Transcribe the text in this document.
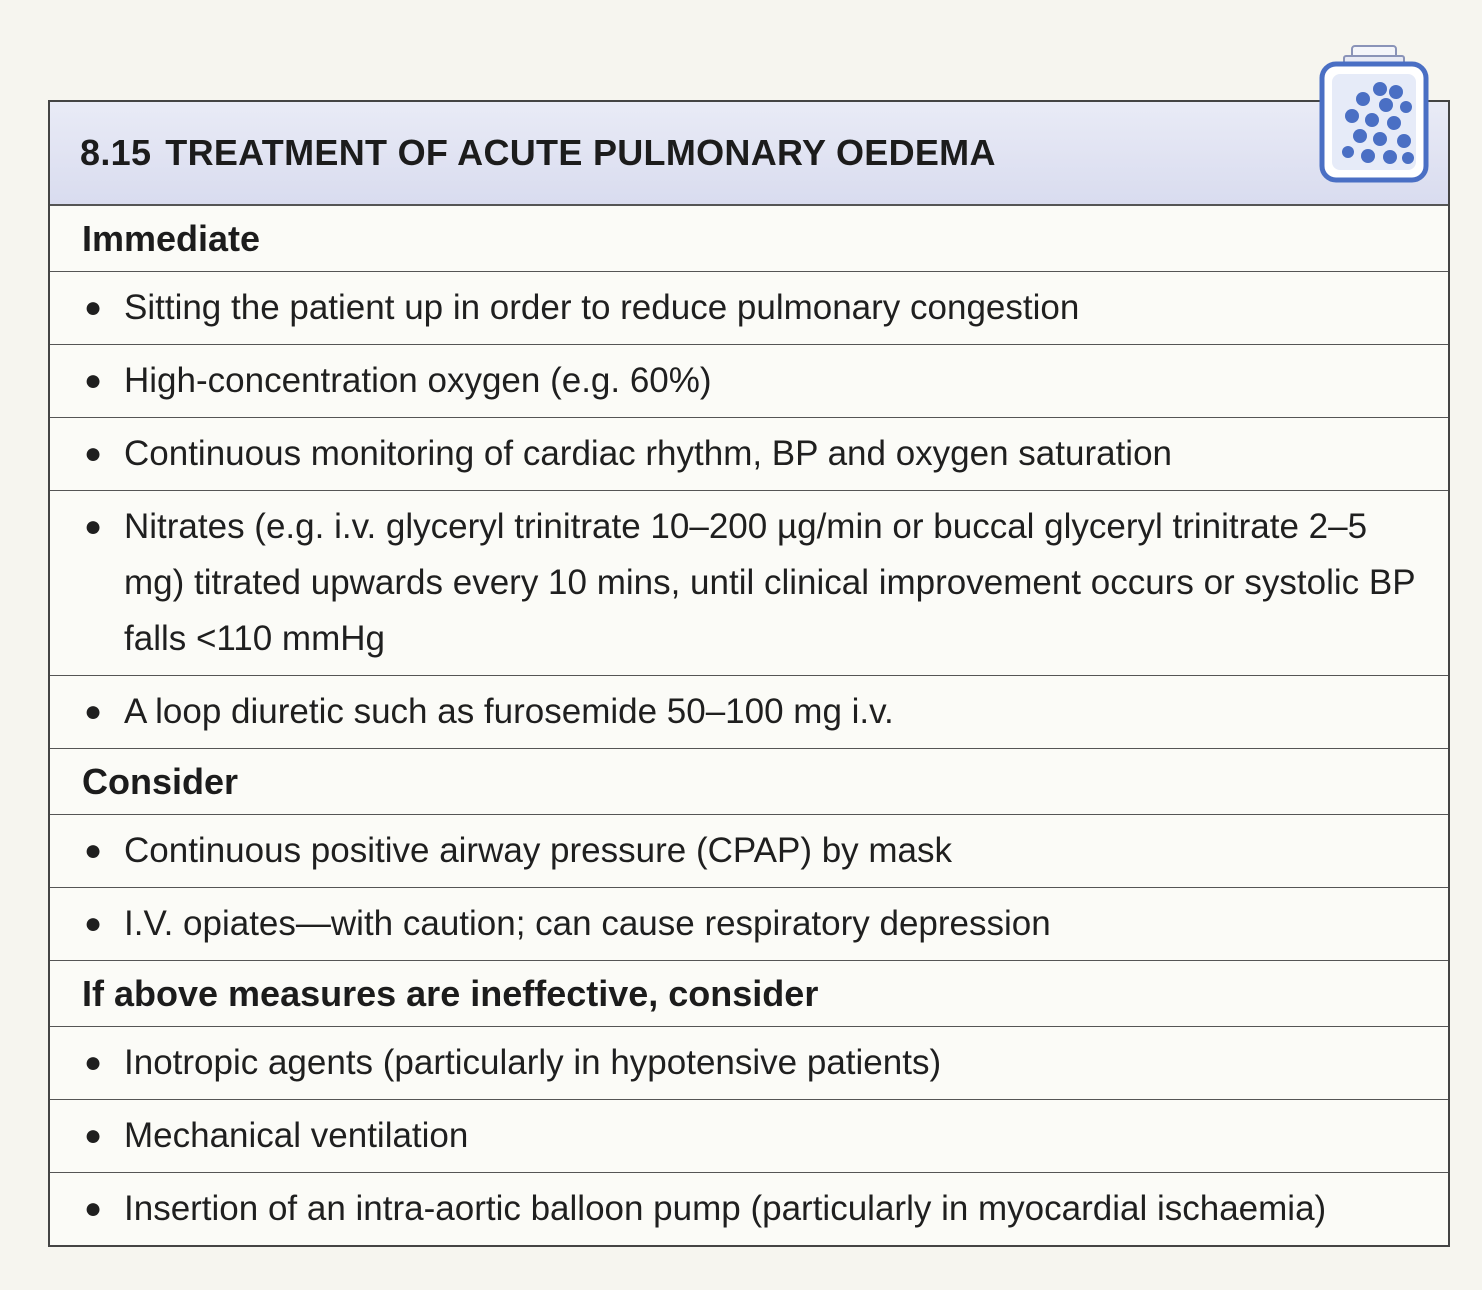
8.15 TREATMENT OF ACUTE PULMONARY OEDEMA
Immediate
● Sitting the patient up in order to reduce pulmonary congestion
● High-concentration oxygen (e.g. 60%)
● Continuous monitoring of cardiac rhythm, BP and oxygen saturation
● Nitrates (e.g. i.v. glyceryl trinitrate 10–200 µg/min or buccal glyceryl trinitrate 2–5 mg) titrated upwards every 10 mins, until clinical improvement occurs or systolic BP falls <110 mmHg
● A loop diuretic such as furosemide 50–100 mg i.v.
Consider
● Continuous positive airway pressure (CPAP) by mask
● I.V. opiates—with caution; can cause respiratory depression
If above measures are ineffective, consider
● Inotropic agents (particularly in hypotensive patients)
● Mechanical ventilation
● Insertion of an intra-aortic balloon pump (particularly in myocardial ischaemia)
